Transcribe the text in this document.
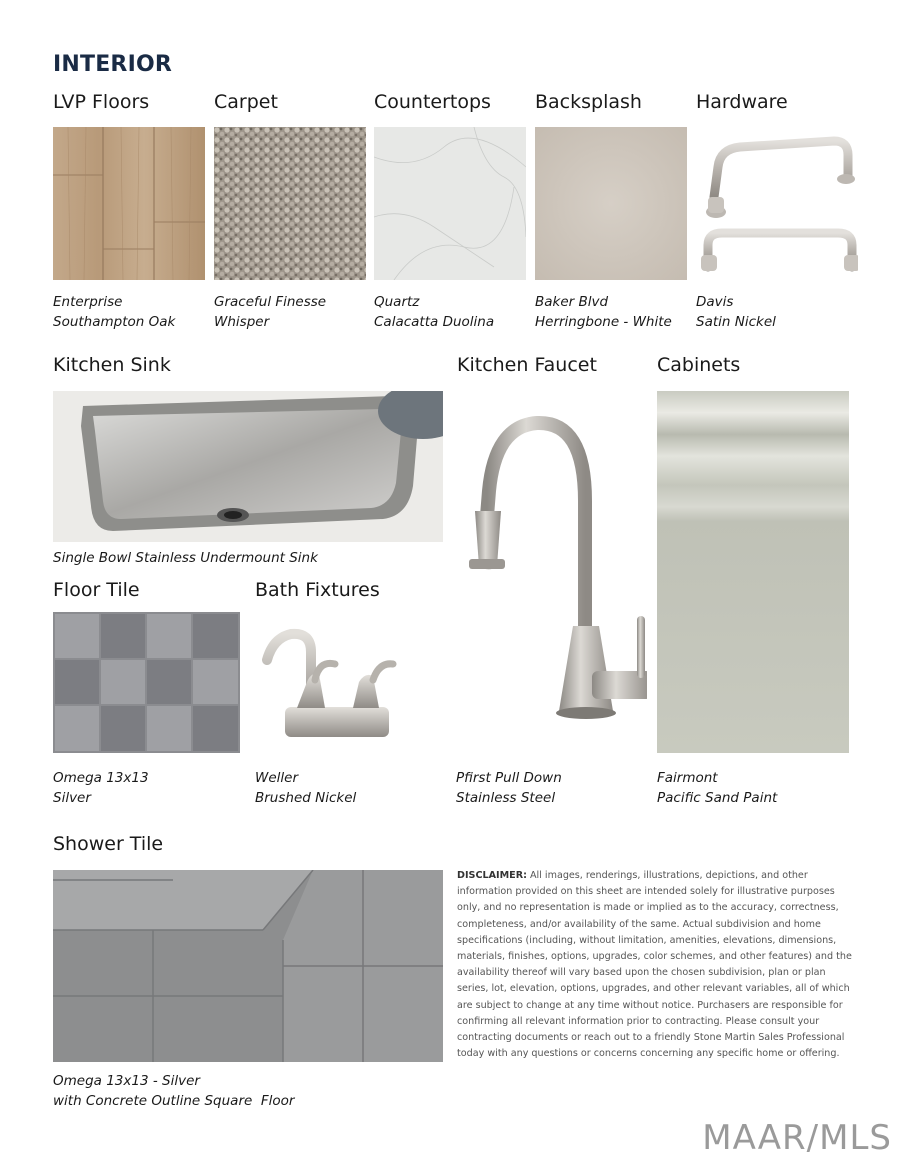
INTERIOR
LVP Floors	Carpet	Countertops Backsplash	Hardware
Enterprise
Southampton Oak
Graceful Finesse
Whisper
Quartz
Calacatta Duolina
Baker Blvd
Herringbone - White
Davis
Satin Nickel
Kitchen Sink	Kitchen Faucet	Cabinets
Single Bowl Stainless Undermount Sink
Floor Tile	Bath Fixtures
Omega 13x13
Silver
Weller
Brushed Nickel
Pfirst Pull Down
Stainless Steel
Fairmont
Pacific Sand Paint
Shower Tile
Omega 13x13 - Silver
with Concrete Outline Square  Floor
DISCLAIMER: All images, renderings, illustrations, depictions, and other information provided on this sheet are intended solely for illustrative purposes only, and no representation is made or implied as to the accuracy, correctness, completeness, and/or availability of the same. Actual subdivision and home specifications (including, without limitation, amenities, elevations, dimensions, materials, finishes, options, upgrades, color schemes, and other features) and the availability thereof will vary based upon the chosen subdivision, plan or plan series, lot, elevation, options, upgrades, and other relevant variables, all of which are subject to change at any time without notice. Purchasers are responsible for confirming all relevant information prior to contracting. Please consult your contracting documents or reach out to a friendly Stone Martin Sales Professional today with any questions or concerns concerning any specific home or offering.
MAAR/MLS
